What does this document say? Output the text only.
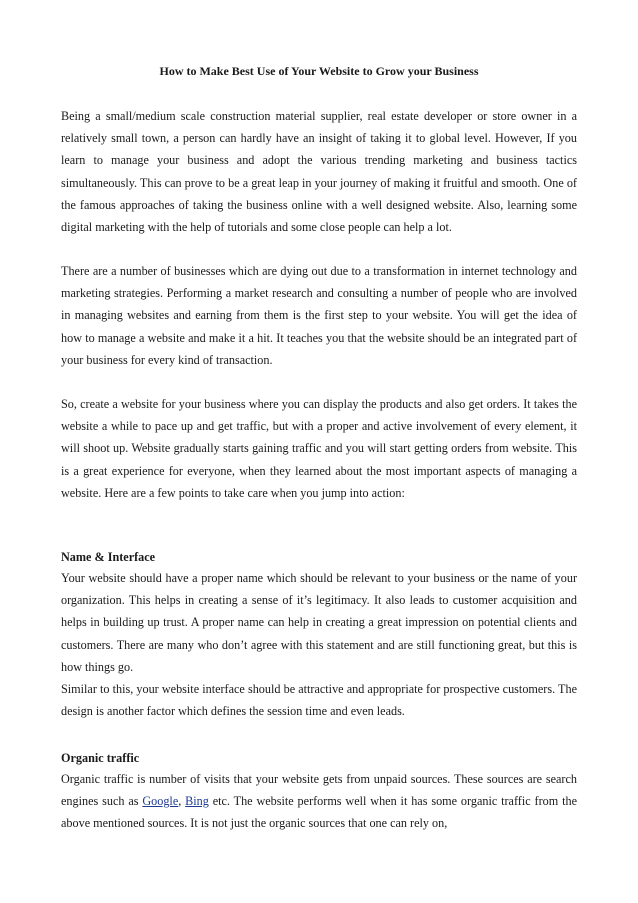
How to Make Best Use of Your Website to Grow your Business

Being a small/medium scale construction material supplier, real estate developer or store owner in a relatively small town, a person can hardly have an insight of taking it to global level. However, If you learn to manage your business and adopt the various trending marketing and business tactics simultaneously. This can prove to be a great leap in your journey of making it fruitful and smooth. One of the famous approaches of taking the business online with a well designed website. Also, learning some digital marketing with the help of tutorials and some close people can help a lot.

There are a number of businesses which are dying out due to a transformation in internet technology and marketing strategies. Performing a market research and consulting a number of people who are involved in managing websites and earning from them is the first step to your website. You will get the idea of how to manage a website and make it a hit. It teaches you that the website should be an integrated part of your business for every kind of transaction.

So, create a website for your business where you can display the products and also get orders. It takes the website a while to pace up and get traffic, but with a proper and active involvement of every element, it will shoot up. Website gradually starts gaining traffic and you will start getting orders from website. This is a great experience for everyone, when they learned about the most important aspects of managing a website. Here are a few points to take care when you jump into action:

Name & Interface

Your website should have a proper name which should be relevant to your business or the name of your organization. This helps in creating a sense of it’s legitimacy. It also leads to customer acquisition and helps in building up trust. A proper name can help in creating a great impression on potential clients and customers. There are many who don’t agree with this statement and are still functioning great, but this is how things go.

Similar to this, your website interface should be attractive and appropriate for prospective customers. The design is another factor which defines the session time and even leads.

Organic traffic

Organic traffic is number of visits that your website gets from unpaid sources. These sources are search engines such as Google, Bing etc. The website performs well when it has some organic traffic from the above mentioned sources. It is not just the organic sources that one can rely on,
